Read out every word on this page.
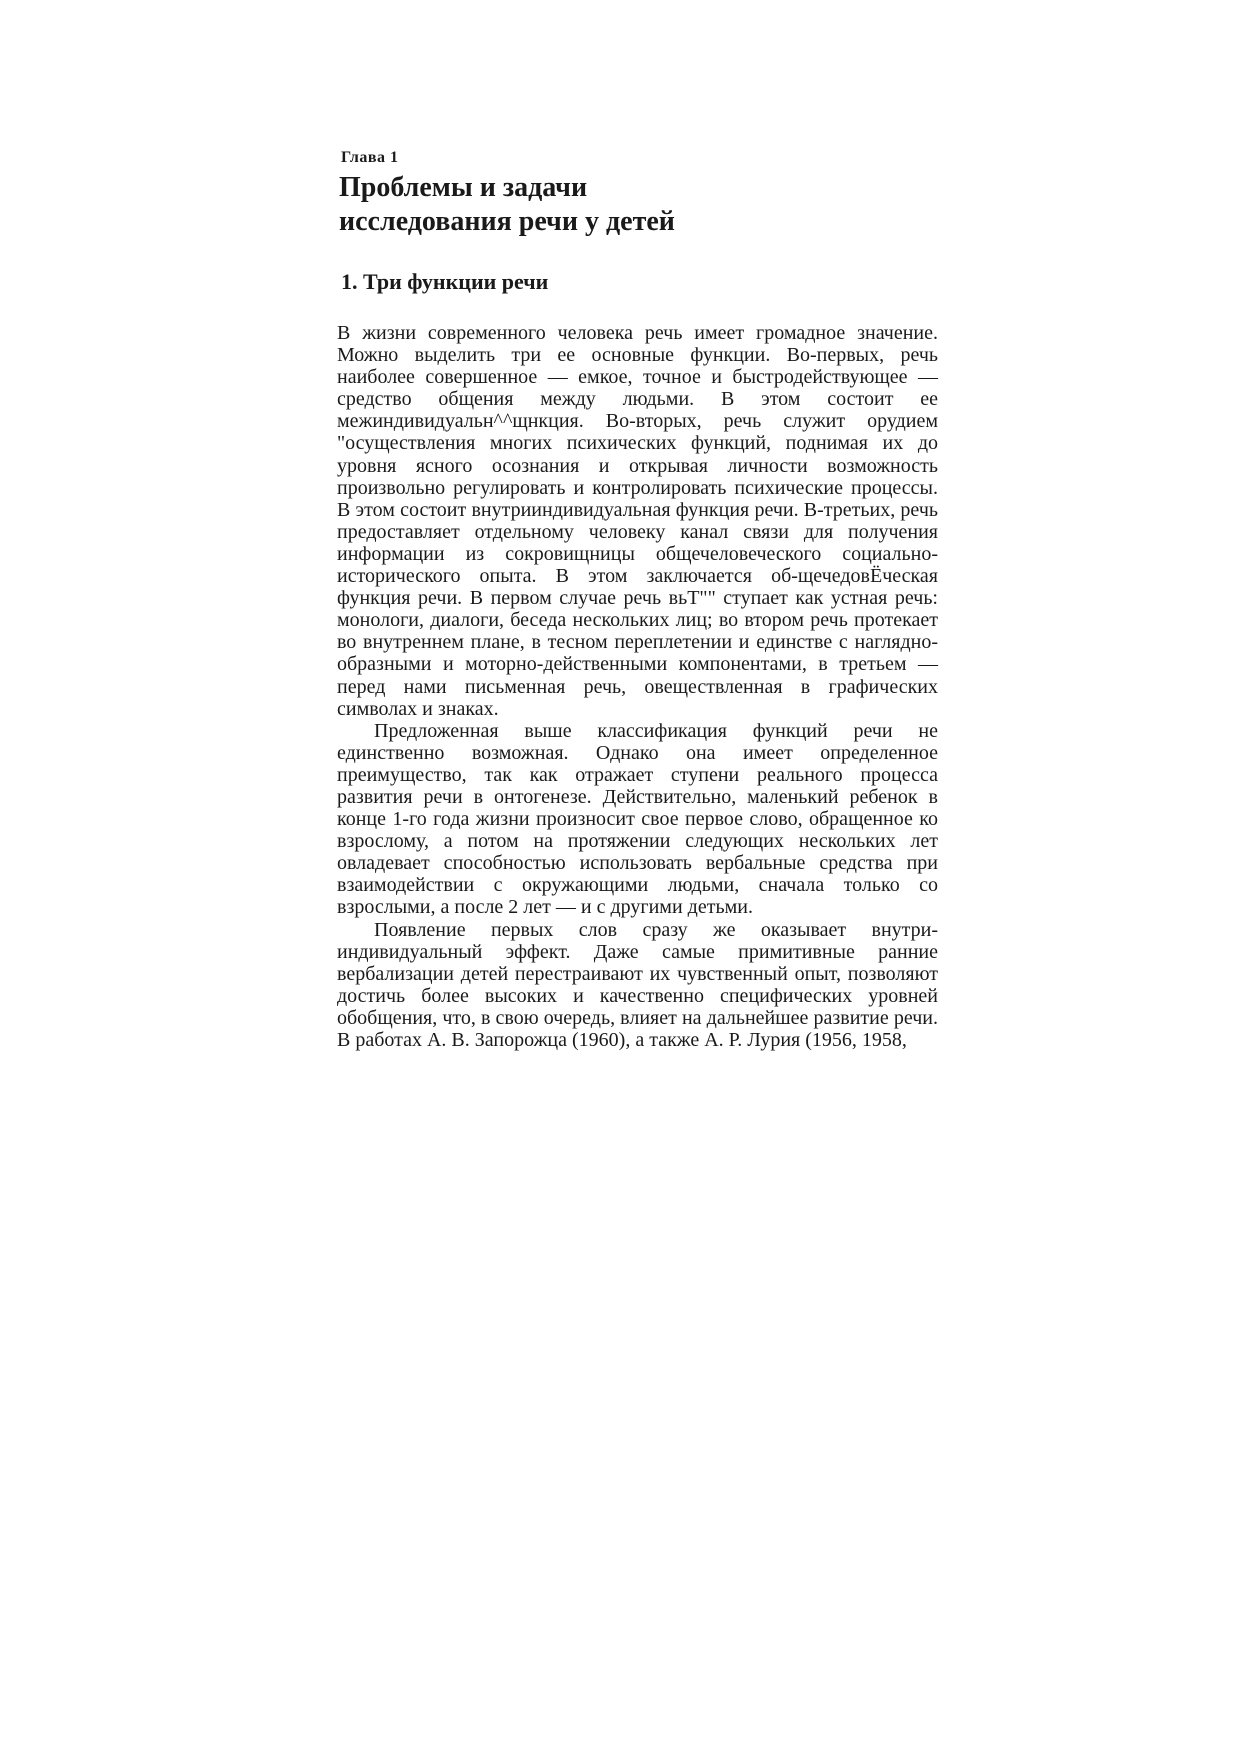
Глава 1

Проблемы и задачи
исследования речи у детей
1. Три функции речи

В жизни современного человека речь имеет громадное значение. Можно выделить три ее основные функции. Во-первых, речь наиболее совершенное — емкое, точное и быстродействующее — средство общения между людьми. В этом состоит ее межиндивидуальн^^щнкция. Во-вторых, речь служит орудием "осуществления многих психических функций, поднимая их до уровня ясного осознания и открывая личности возможность произвольно регулировать и контролировать психические процессы. В этом состоит внутрииндивидуальная функция речи. В-третьих, речь предоставляет отдельному человеку канал связи для получения информации из сокровищницы общечеловеческого социально-исторического опыта. В этом заключается об-щечедовЁческая функция речи. В первом случае речь вьТ"" ступает как устная речь: монологи, диалоги, беседа нескольких лиц; во втором речь протекает во внутреннем плане, в тесном переплетении и единстве с наглядно-образными и моторно-действенными компонентами, в третьем — перед нами письменная речь, овеществленная в графических символах и знаках.

Предложенная выше классификация функций речи не единственно возможная. Однако она имеет определенное преимущество, так как отражает ступени реального процесса развития речи в онтогенезе. Действительно, маленький ребенок в конце 1-го года жизни произносит свое первое слово, обращенное ко взрослому, а потом на протяжении следующих нескольких лет овладевает способностью использовать вербальные средства при взаимодействии с окружающими людьми, сначала только со взрослыми, а после 2 лет — и с другими детьми.

Появление первых слов сразу же оказывает внутри-индивидуальный эффект. Даже самые примитивные ранние вербализации детей перестраивают их чувственный опыт, позволяют достичь более высоких и качественно специфических уровней обобщения, что, в свою очередь, влияет на дальнейшее развитие речи. В работах А. В. Запорожца (1960), а также А. Р. Лурия (1956, 1958,
